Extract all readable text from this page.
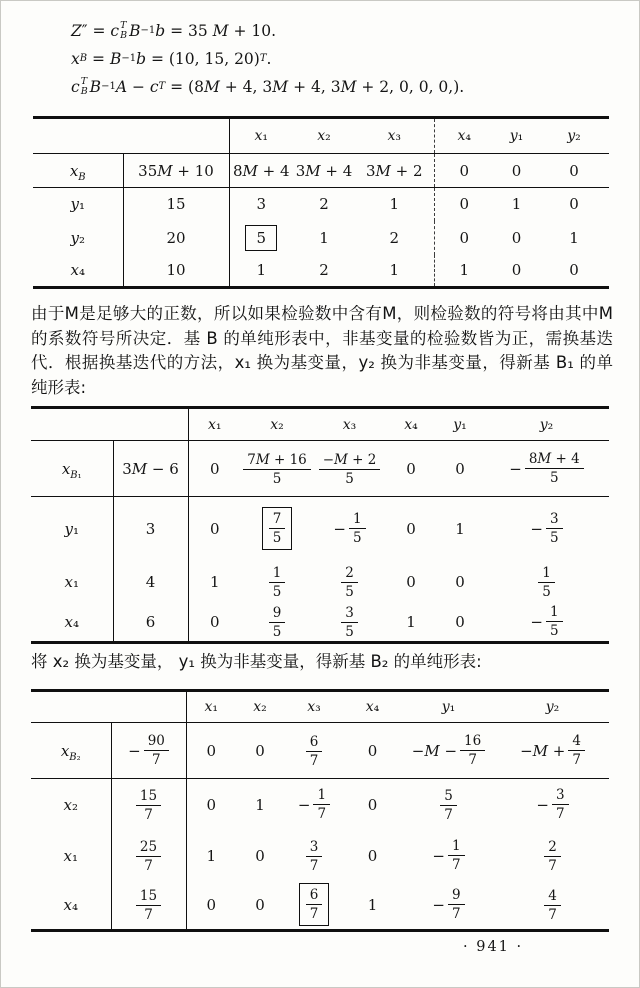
Z″ = c T
B B −1 b = 35 M + 10.
x B = B −1 b = (10, 15, 20) T .
c T
B B −1 A − c T = (8M + 4, 3M + 4, 3M + 2, 0, 0, 0,).

由于M是足够大的正数，所以如果检验数中含有M，则检验数的符号将由其中M的系数符号所决定．基 B 的单纯形表中，非基变量的检验数皆为正，需换基迭代．根据换基迭代的方法，x₁ 换为基变量，y₂ 换为非基变量，得新基 B₁ 的单纯形表:

将 x₂ 换为基变量， y₁ 换为非基变量，得新基 B₂ 的单纯形表:

· 941 ·
		x₁	x₂	x₃	x₄	y₁	y₂
$x_B$	35M + 10	8M + 4	3M + 4	3M + 2	0	0	0
y₁	15	3	2	1	0	1	0
y₂	20	5	1	2	0	0	1
x₄	10	1	2	1	1	0	0
		x₁	x₂	x₃	x₄	y₁	y₂
$x_{B_1}$	3M − 6	0	$\frac{7M + 16}{5}$	$\frac{-M + 2}{5}$	0	0	− $\frac{8M + 4}{5}$

y₁	3	0	$\frac{7}{5}$	− $\frac{1}{5}$	0	1	− $\frac{3}{5}$

x₁	4	1	$\frac{1}{5}$	$\frac{2}{5}$	0	0	$\frac{1}{5}$

x₄	6	0	$\frac{9}{5}$	$\frac{3}{5}$	1	0	− $\frac{1}{5}$
		x₁	x₂	x₃	x₄	y₁	y₂
$x_{B_2}$	− $\frac{90}{7}$	0	0	$\frac{6}{7}$	0	$-M - \frac{16}{7}$	$-M + \frac{4}{7}$

x₂	$\frac{15}{7}$	0	1	− $\frac{1}{7}$	0	$\frac{5}{7}$	− $\frac{3}{7}$

x₁	$\frac{25}{7}$	1	0	$\frac{3}{7}$	0	− $\frac{1}{7}$	$\frac{2}{7}$

x₄	$\frac{15}{7}$	0	0	$\frac{6}{7}$	1	− $\frac{9}{7}$	$\frac{4}{7}$
